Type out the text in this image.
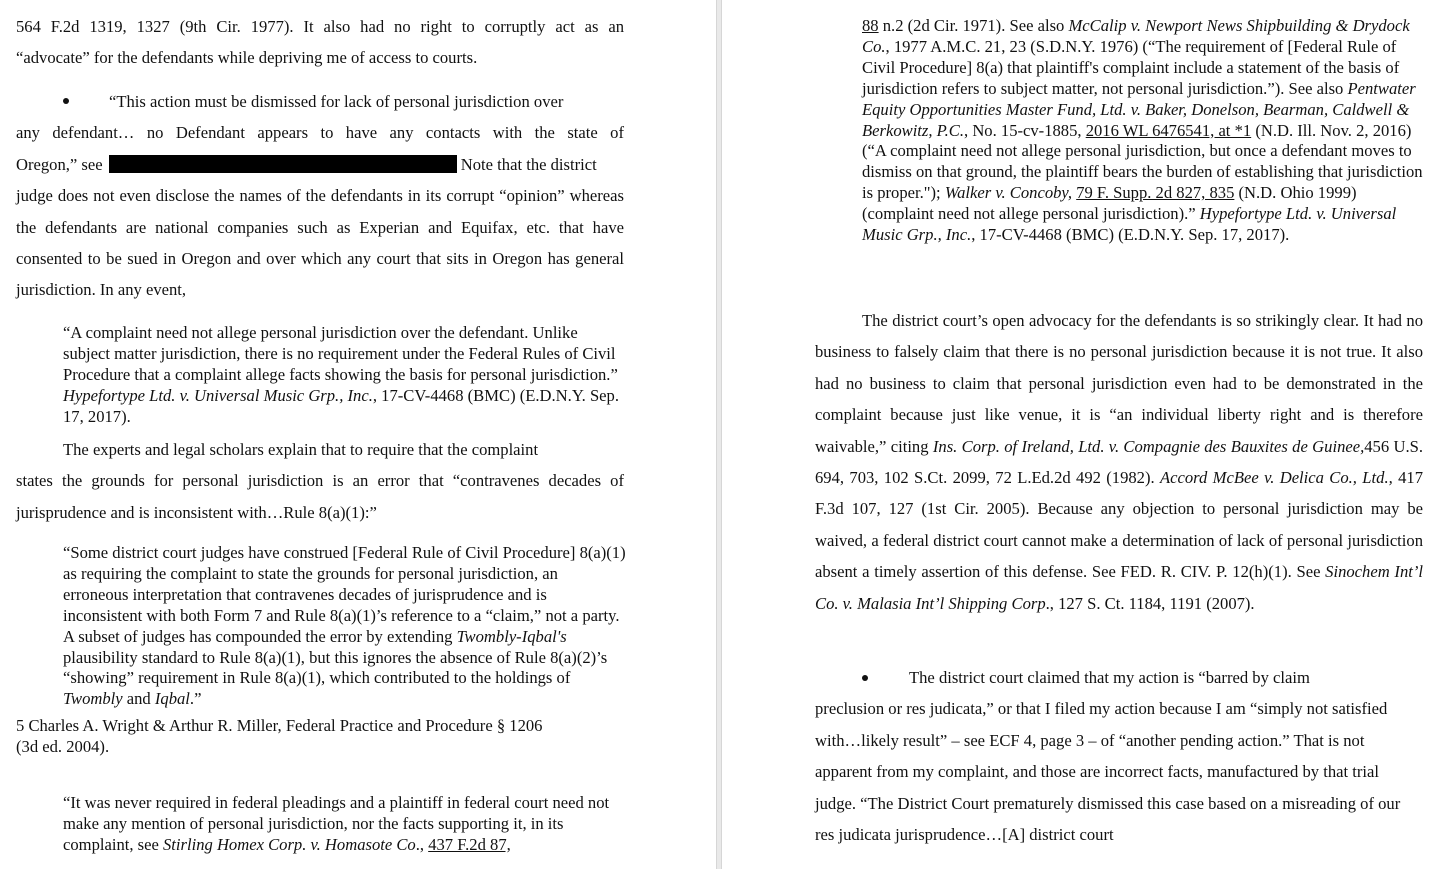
564 F.2d 1319, 1327 (9th Cir. 1977). It also had no right to corruptly act as an
“advocate” for the defendants while depriving me of access to courts.

“This action must be dismissed for lack of personal jurisdiction over
any defendant… no Defendant appears to have any contacts with the state of
Oregon,” see	Note that the district
judge does not even disclose the names of the defendants in its corrupt “opinion” whereas the defendants are national companies such as Experian and Equifax, etc. that have consented to be sued in Oregon and over which any court that sits in Oregon has general jurisdiction. In any event,

“A complaint need not allege personal jurisdiction over the defendant. Unlike subject matter jurisdiction, there is no requirement under the Federal Rules of Civil Procedure that a complaint allege facts showing the basis for personal jurisdiction.” Hypefortype Ltd. v. Universal Music Grp., Inc., 17-CV-4468 (BMC) (E.D.N.Y. Sep. 17, 2017).

The experts and legal scholars explain that to require that the complaint
states the grounds for personal jurisdiction is an error that “contravenes decades of
jurisprudence and is inconsistent with…Rule 8(a)(1):”

“Some district court judges have construed [Federal Rule of Civil Procedure] 8(a)(1) as requiring the complaint to state the grounds for personal jurisdiction, an erroneous interpretation that contravenes decades of jurisprudence and is inconsistent with both Form 7 and Rule 8(a)(1)’s reference to a “claim,” not a party. A subset of judges has compounded the error by extending Twombly-Iqbal's plausibility standard to Rule 8(a)(1), but this ignores the absence of Rule 8(a)(2)’s “showing” requirement in Rule 8(a)(1), which contributed to the holdings of Twombly and Iqbal.”

5 Charles A. Wright & Arthur R. Miller, Federal Practice and Procedure § 1206
(3d ed. 2004).

“It was never required in federal pleadings and a plaintiff in federal court need not make any mention of personal jurisdiction, nor the facts supporting it, in its complaint, see Stirling Homex Corp. v. Homasote Co., 437 F.2d 87,

88 n.2 (2d Cir. 1971). See also McCalip v. Newport News Shipbuilding & Drydock Co., 1977 A.M.C. 21, 23 (S.D.N.Y. 1976) (“The requirement of [Federal Rule of Civil Procedure] 8(a) that plaintiff's complaint include a statement of the basis of jurisdiction refers to subject matter, not personal jurisdiction.”). See also Pentwater Equity Opportunities Master Fund, Ltd. v. Baker, Donelson, Bearman, Caldwell & Berkowitz, P.C., No. 15-cv-1885, 2016 WL 6476541, at *1 (N.D. Ill. Nov. 2, 2016) (“A complaint need not allege personal jurisdiction, but once a defendant moves to dismiss on that ground, the plaintiff bears the burden of establishing that jurisdiction is proper."); Walker v. Concoby, 79 F. Supp. 2d 827, 835 (N.D. Ohio 1999) (complaint need not allege personal jurisdiction).” Hypefortype Ltd. v. Universal Music Grp., Inc., 17-CV-4468 (BMC) (E.D.N.Y. Sep. 17, 2017).

The district court’s open advocacy for the defendants is so strikingly clear. It had no business to falsely claim that there is no personal jurisdiction because it is not true. It also had no business to claim that personal jurisdiction even had to be demonstrated in the complaint because just like venue, it is “an individual liberty right and is therefore waivable,” citing Ins. Corp. of Ireland, Ltd. v. Compagnie des Bauxites de Guinee,456 U.S. 694, 703, 102 S.Ct. 2099, 72 L.Ed.2d 492 (1982). Accord McBee v. Delica Co., Ltd., 417 F.3d 107, 127 (1st Cir. 2005). Because any objection to personal jurisdiction may be waived, a federal district court cannot make a determination of lack of personal jurisdiction absent a timely assertion of this defense. See FED. R. CIV. P. 12(h)(1). See Sinochem Int’l Co. v. Malasia Int’l Shipping Corp., 127 S. Ct. 1184, 1191 (2007).

The district court claimed that my action is “barred by claim
preclusion or res judicata,” or that I filed my action because I am “simply not satisfied with…likely result” – see ECF 4, page 3 – of “another pending action.” That is not apparent from my complaint, and those are incorrect facts, manufactured by that trial judge. “The District Court prematurely dismissed this case based on a misreading of our res judicata jurisprudence…[A] district court
